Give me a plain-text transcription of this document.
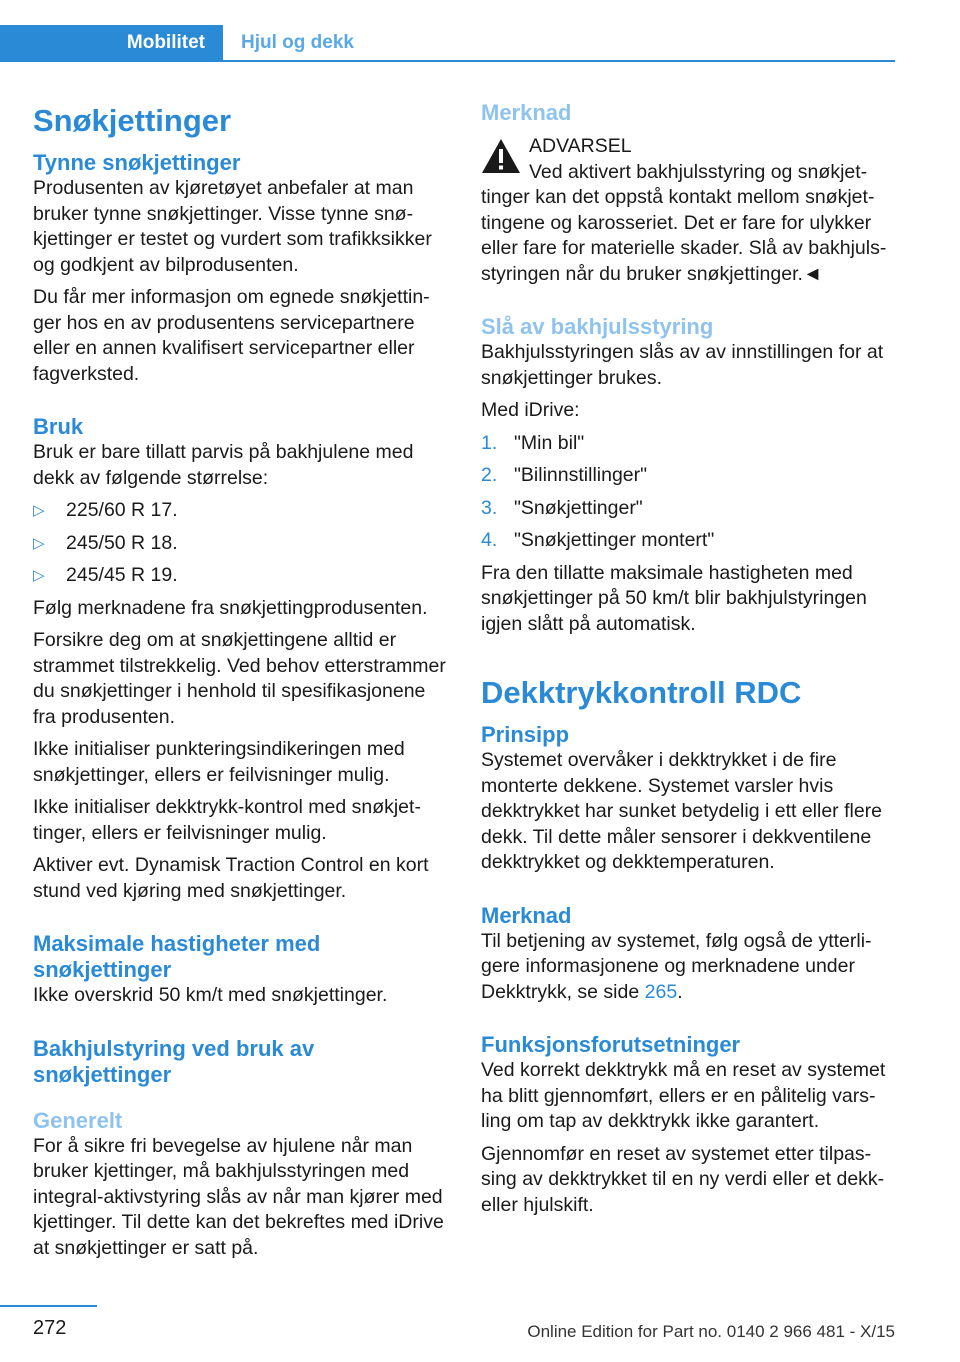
Mobilitet	Hjul og dekk
Snøkjettinger
Tynne snøkjettinger

Produsenten av kjøretøyet anbefaler at man bruker tynne snøkjettinger. Visse tynne snøkjettinger er testet og vurdert som trafikksikker og godkjent av bilprodusenten.

Du får mer informasjon om egnede snøkjettinger hos en av produsentens servicepartnere eller en annen kvalifisert servicepartner eller fagverksted.

Bruk

Bruk er bare tillatt parvis på bakhjulene med dekk av følgende størrelse:

▷ 225/60 R 17.
▷ 245/50 R 18.
▷ 245/45 R 19.

Følg merknadene fra snøkjettingprodusenten.

Forsikre deg om at snøkjettingene alltid er strammet tilstrekkelig. Ved behov etterstrammer du snøkjettinger i henhold til spesifikasjonene fra produsenten.

Ikke initialiser punkteringsindikeringen med snøkjettinger, ellers er feilvisninger mulig.

Ikke initialiser dekktrykk-kontrol med snøkjettinger, ellers er feilvisninger mulig.

Aktiver evt. Dynamisk Traction Control en kort stund ved kjøring med snøkjettinger.

Maksimale hastigheter med snøkjettinger

Ikke overskrid 50 km/t med snøkjettinger.

Bakhjulstyring ved bruk av snøkjettinger
Generelt

For å sikre fri bevegelse av hjulene når man bruker kjettinger, må bakhjulsstyringen med integral-aktivstyring slås av når man kjører med kjettinger. Til dette kan det bekreftes med iDrive at snøkjettinger er satt på.

Merknad

ADVARSEL

Ved aktivert bakhjulsstyring og snøkjettinger kan det oppstå kontakt mellom snøkjettingene og karosseriet. Det er fare for ulykker eller fare for materielle skader. Slå av bakhjulsstyringen når du bruker snøkjettinger.◄

Slå av bakhjulsstyring

Bakhjulsstyringen slås av av innstillingen for at snøkjettinger brukes.

Med iDrive:

1. "Min bil"
2. "Bilinnstillinger"
3. "Snøkjettinger"
4. "Snøkjettinger montert"

Fra den tillatte maksimale hastigheten med snøkjettinger på 50 km/t blir bakhjulstyringen igjen slått på automatisk.

Dekktrykkontroll RDC
Prinsipp

Systemet overvåker i dekktrykket i de fire monterte dekkene. Systemet varsler hvis dekktrykket har sunket betydelig i ett eller flere dekk. Til dette måler sensorer i dekkventilene dekktrykket og dekktemperaturen.

Merknad

Til betjening av systemet, følg også de ytterligere informasjonene og merknadene under Dekktrykk, se side 265.

Funksjonsforutsetninger

Ved korrekt dekktrykk må en reset av systemet ha blitt gjennomført, ellers er en pålitelig varsling om tap av dekktrykk ikke garantert.

Gjennomfør en reset av systemet etter tilpassing av dekktrykket til en ny verdi eller et dekk- eller hjulskift.

272	Online Edition for Part no. 0140 2 966 481 - X/15
